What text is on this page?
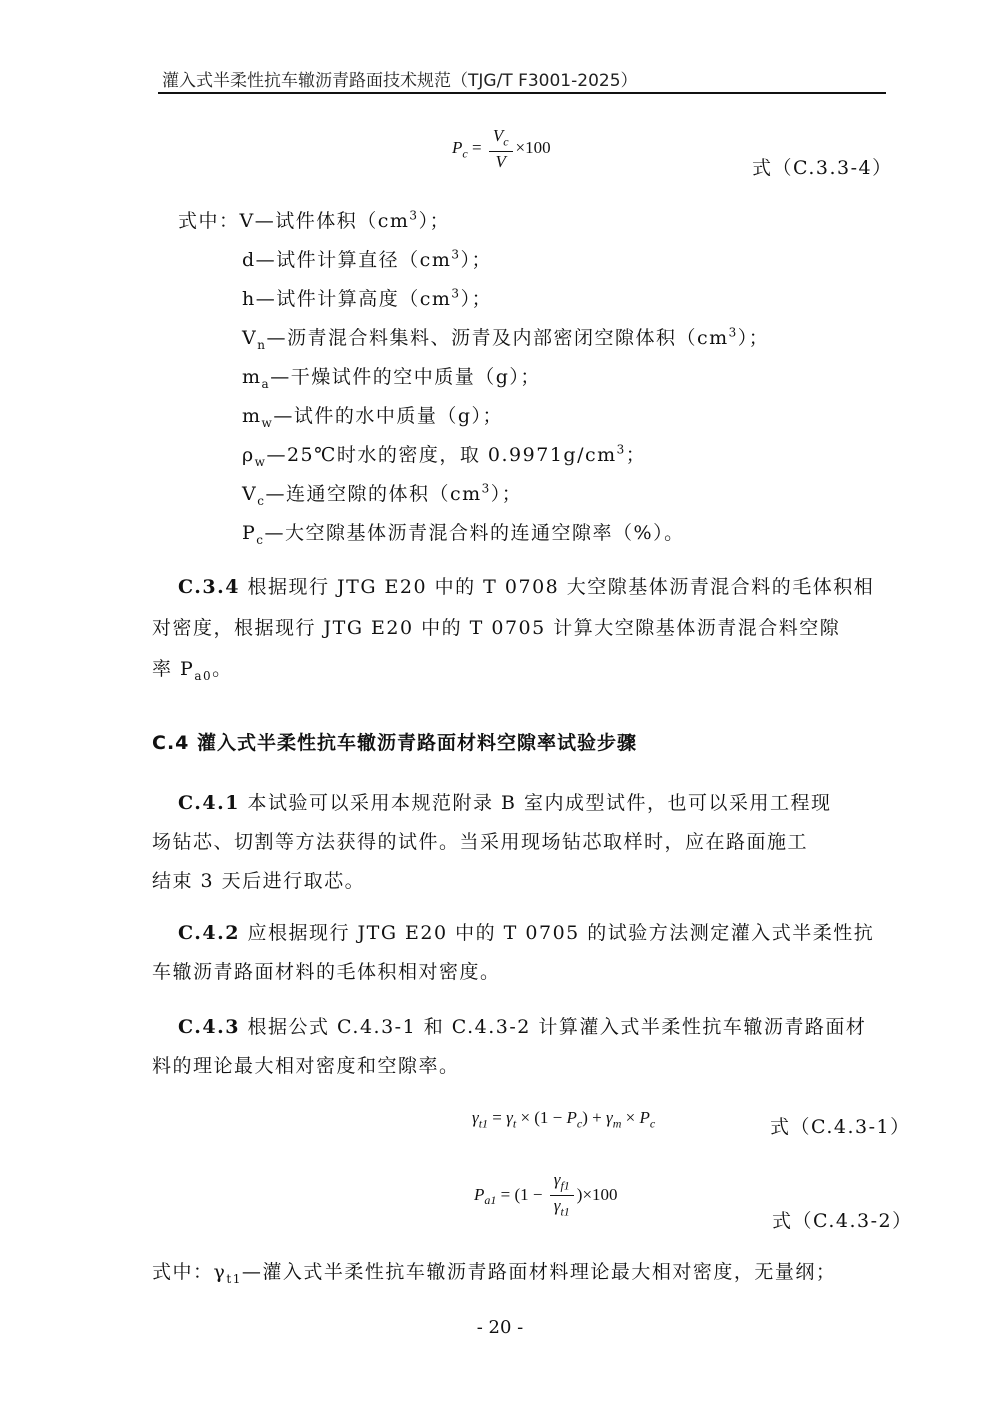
灌入式半柔性抗车辙沥青路面技术规范（TJG/T F3001-2025）
$P_c = \frac{V_c}{V} \times 100$
式（C.3.3-4）
式中：V—试件体积$(cm^3)$；
d—试件计算直径$(cm^3)$；
h—试件计算高度$(cm^3)$；
$V_n—$沥青混合料集料、沥青及内部密闭空隙体积$(cm^3)$；
$m_a—$干燥试件的空中质量（g）；
$m_w—$试件的水中质量（g）；
$\rho_w—25℃$时水的密度，取 $0.9971g/cm^3$；
$V_c—$连通空隙的体积$(cm^3)$；
$P_c—$大空隙基体沥青混合料的连通空隙率（%）。
C.3.4 根据现行 JTG E20 中的 T 0708 大空隙基体沥青混合料的毛体积相
对密度，根据现行 JTG E20 中的 T 0705 计算大空隙基体沥青混合料空隙
率 $P_{a0}$。
C.4 灌入式半柔性抗车辙沥青路面材料空隙率试验步骤
C.4.1 本试验可以采用本规范附录 B 室内成型试件，也可以采用工程现
场钻芯、切割等方法获得的试件。当采用现场钻芯取样时，应在路面施工
结束 3 天后进行取芯。
C.4.2 应根据现行 JTG E20 中的 T 0705 的试验方法测定灌入式半柔性抗
车辙沥青路面材料的毛体积相对密度。
C.4.3 根据公式 C.4.3-1 和 C.4.3-2 计算灌入式半柔性抗车辙沥青路面材
料的理论最大相对密度和空隙率。
$\gamma_{t1} = \gamma_t \times (1 - P_c) + \gamma_m \times P_c$	式（C.4.3-1）
$P_{a1} = (1 - \frac{\gamma_{f1}}{\gamma_{t1}} )\times 100$
式（C.4.3-2）
式中：$\gamma_{t1}—$灌入式半柔性抗车辙沥青路面材料理论最大相对密度，无量纲；
- 20 -
